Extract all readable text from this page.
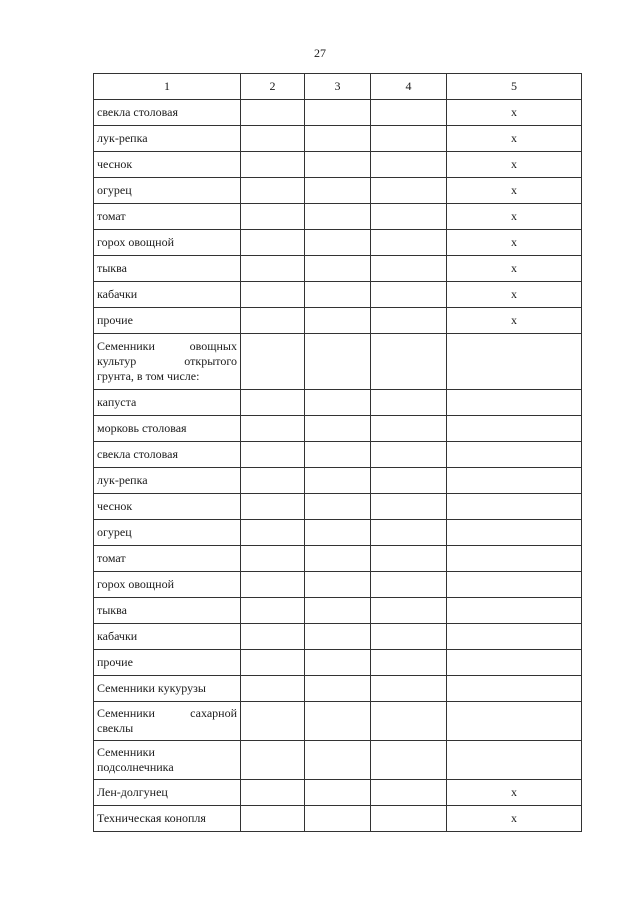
27
1	2	3	4	5
свекла столовая				x
лук-репка				x
чеснок				x
огурец				x
томат				x
горох овощной				x
тыква				x
кабачки				x
прочие				x

Семенники овощных
культур открытого
грунта, в том числе:				

капуста				
морковь столовая				
свекла столовая				
лук-репка				
чеснок				
огурец				
томат				
горох овощной				
тыква				
кабачки				
прочие				
Семенники кукурузы				

Семенники сахарной
свеклы				

Семенники
подсолнечника				

Лен-долгунец				x
Техническая конопля				x
